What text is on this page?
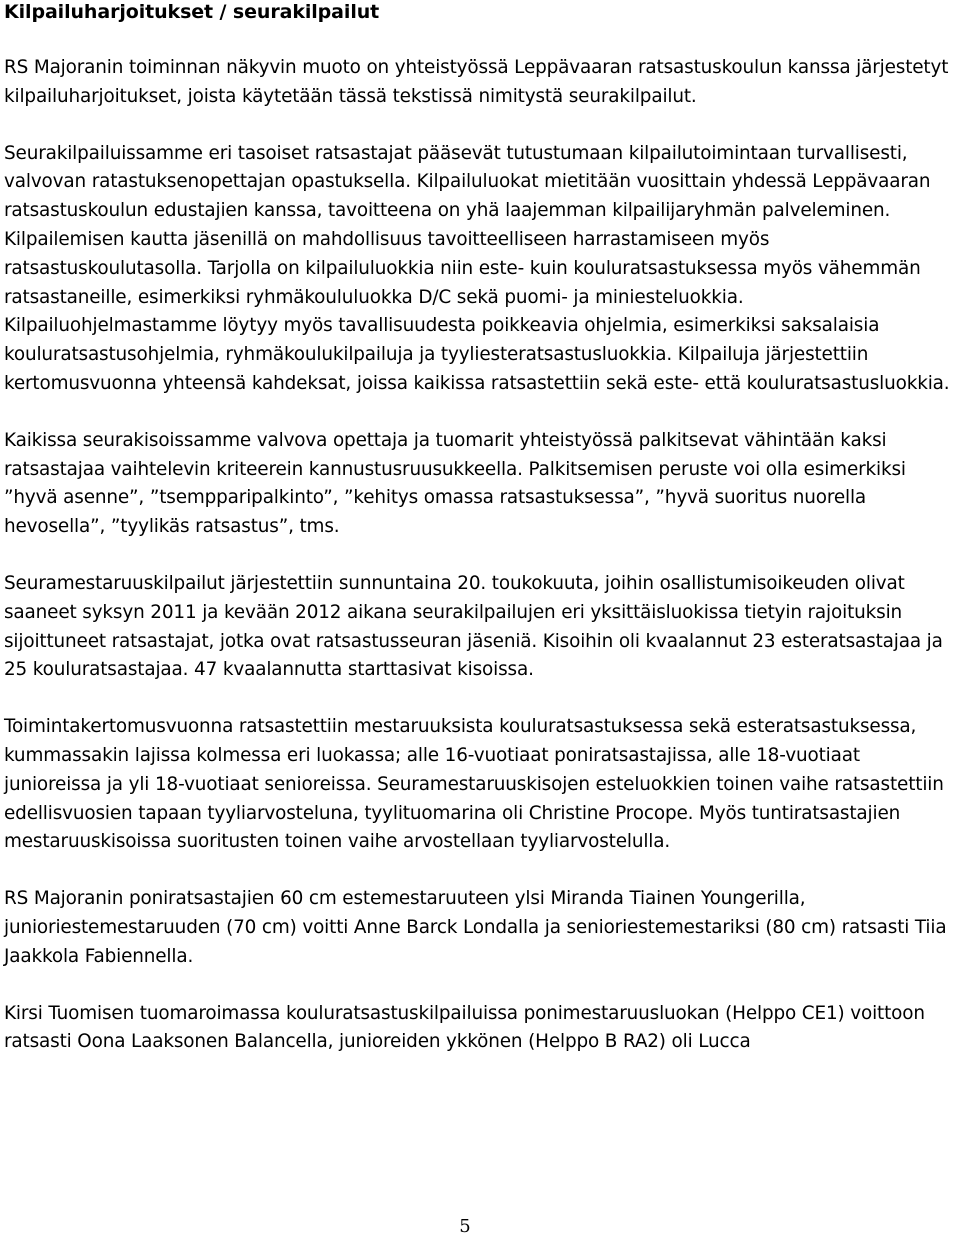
Kilpailuharjoitukset / seurakilpailut

RS Majoranin toiminnan näkyvin muoto on yhteistyössä Leppävaaran ratsastuskoulun kanssa järjestetyt kilpailuharjoitukset, joista käytetään tässä tekstissä nimitystä seurakilpailut.

Seurakilpailuissamme eri tasoiset ratsastajat pääsevät tutustumaan kilpailutoimintaan turvallisesti, valvovan ratastuksenopettajan opastuksella. Kilpailuluokat mietitään vuosittain yhdessä Leppävaaran ratsastuskoulun edustajien kanssa, tavoitteena on yhä laajemman kilpailijaryhmän palveleminen. Kilpailemisen kautta jäsenillä on mahdollisuus tavoitteelliseen harrastamiseen myös ratsastuskoulutasolla. Tarjolla on kilpailuluokkia niin este- kuin kouluratsastuksessa myös vähemmän ratsastaneille, esimerkiksi ryhmäkoululuokka D/C sekä puomi- ja miniesteluokkia. Kilpailuohjelmastamme löytyy myös tavallisuudesta poikkeavia ohjelmia, esimerkiksi saksalaisia kouluratsastusohjelmia, ryhmäkoulukilpailuja ja tyyliesteratsastusluokkia. Kilpailuja järjestettiin kertomusvuonna yhteensä kahdeksat, joissa kaikissa ratsastettiin sekä este- että kouluratsastusluokkia.

Kaikissa seurakisoissamme valvova opettaja ja tuomarit yhteistyössä palkitsevat vähintään kaksi ratsastajaa vaihtelevin kriteerein kannustusruusukkeella. Palkitsemisen peruste voi olla esimerkiksi ”hyvä asenne”, ”tsempparipalkinto”, ”kehitys omassa ratsastuksessa”, ”hyvä suoritus nuorella hevosella”, ”tyylikäs ratsastus”, tms.

Seuramestaruuskilpailut järjestettiin sunnuntaina 20. toukokuuta, joihin osallistumisoikeuden olivat saaneet syksyn 2011 ja kevään 2012 aikana seurakilpailujen eri yksittäisluokissa tietyin rajoituksin sijoittuneet ratsastajat, jotka ovat ratsastusseuran jäseniä. Kisoihin oli kvaalannut 23 esteratsastajaa ja 25 kouluratsastajaa. 47 kvaalannutta starttasivat kisoissa.

Toimintakertomusvuonna ratsastettiin mestaruuksista kouluratsastuksessa sekä esteratsastuksessa, kummassakin lajissa kolmessa eri luokassa; alle 16-vuotiaat poniratsastajissa, alle 18-vuotiaat junioreissa ja yli 18-vuotiaat senioreissa. Seuramestaruuskisojen esteluokkien toinen vaihe ratsastettiin edellisvuosien tapaan tyyliarvosteluna, tyylituomarina oli Christine Procope. Myös tuntiratsastajien mestaruuskisoissa suoritusten toinen vaihe arvostellaan tyyliarvostelulla.

RS Majoranin poniratsastajien 60 cm estemestaruuteen ylsi Miranda Tiainen Youngerilla, junioriestemestaruuden (70 cm) voitti Anne Barck Londalla ja senioriestemestariksi (80 cm) ratsasti Tiia Jaakkola Fabiennella.

Kirsi Tuomisen tuomaroimassa kouluratsastuskilpailuissa ponimestaruusluokan (Helppo CE1) voittoon ratsasti Oona Laaksonen Balancella, junioreiden ykkönen (Helppo B RA2) oli Lucca

5
